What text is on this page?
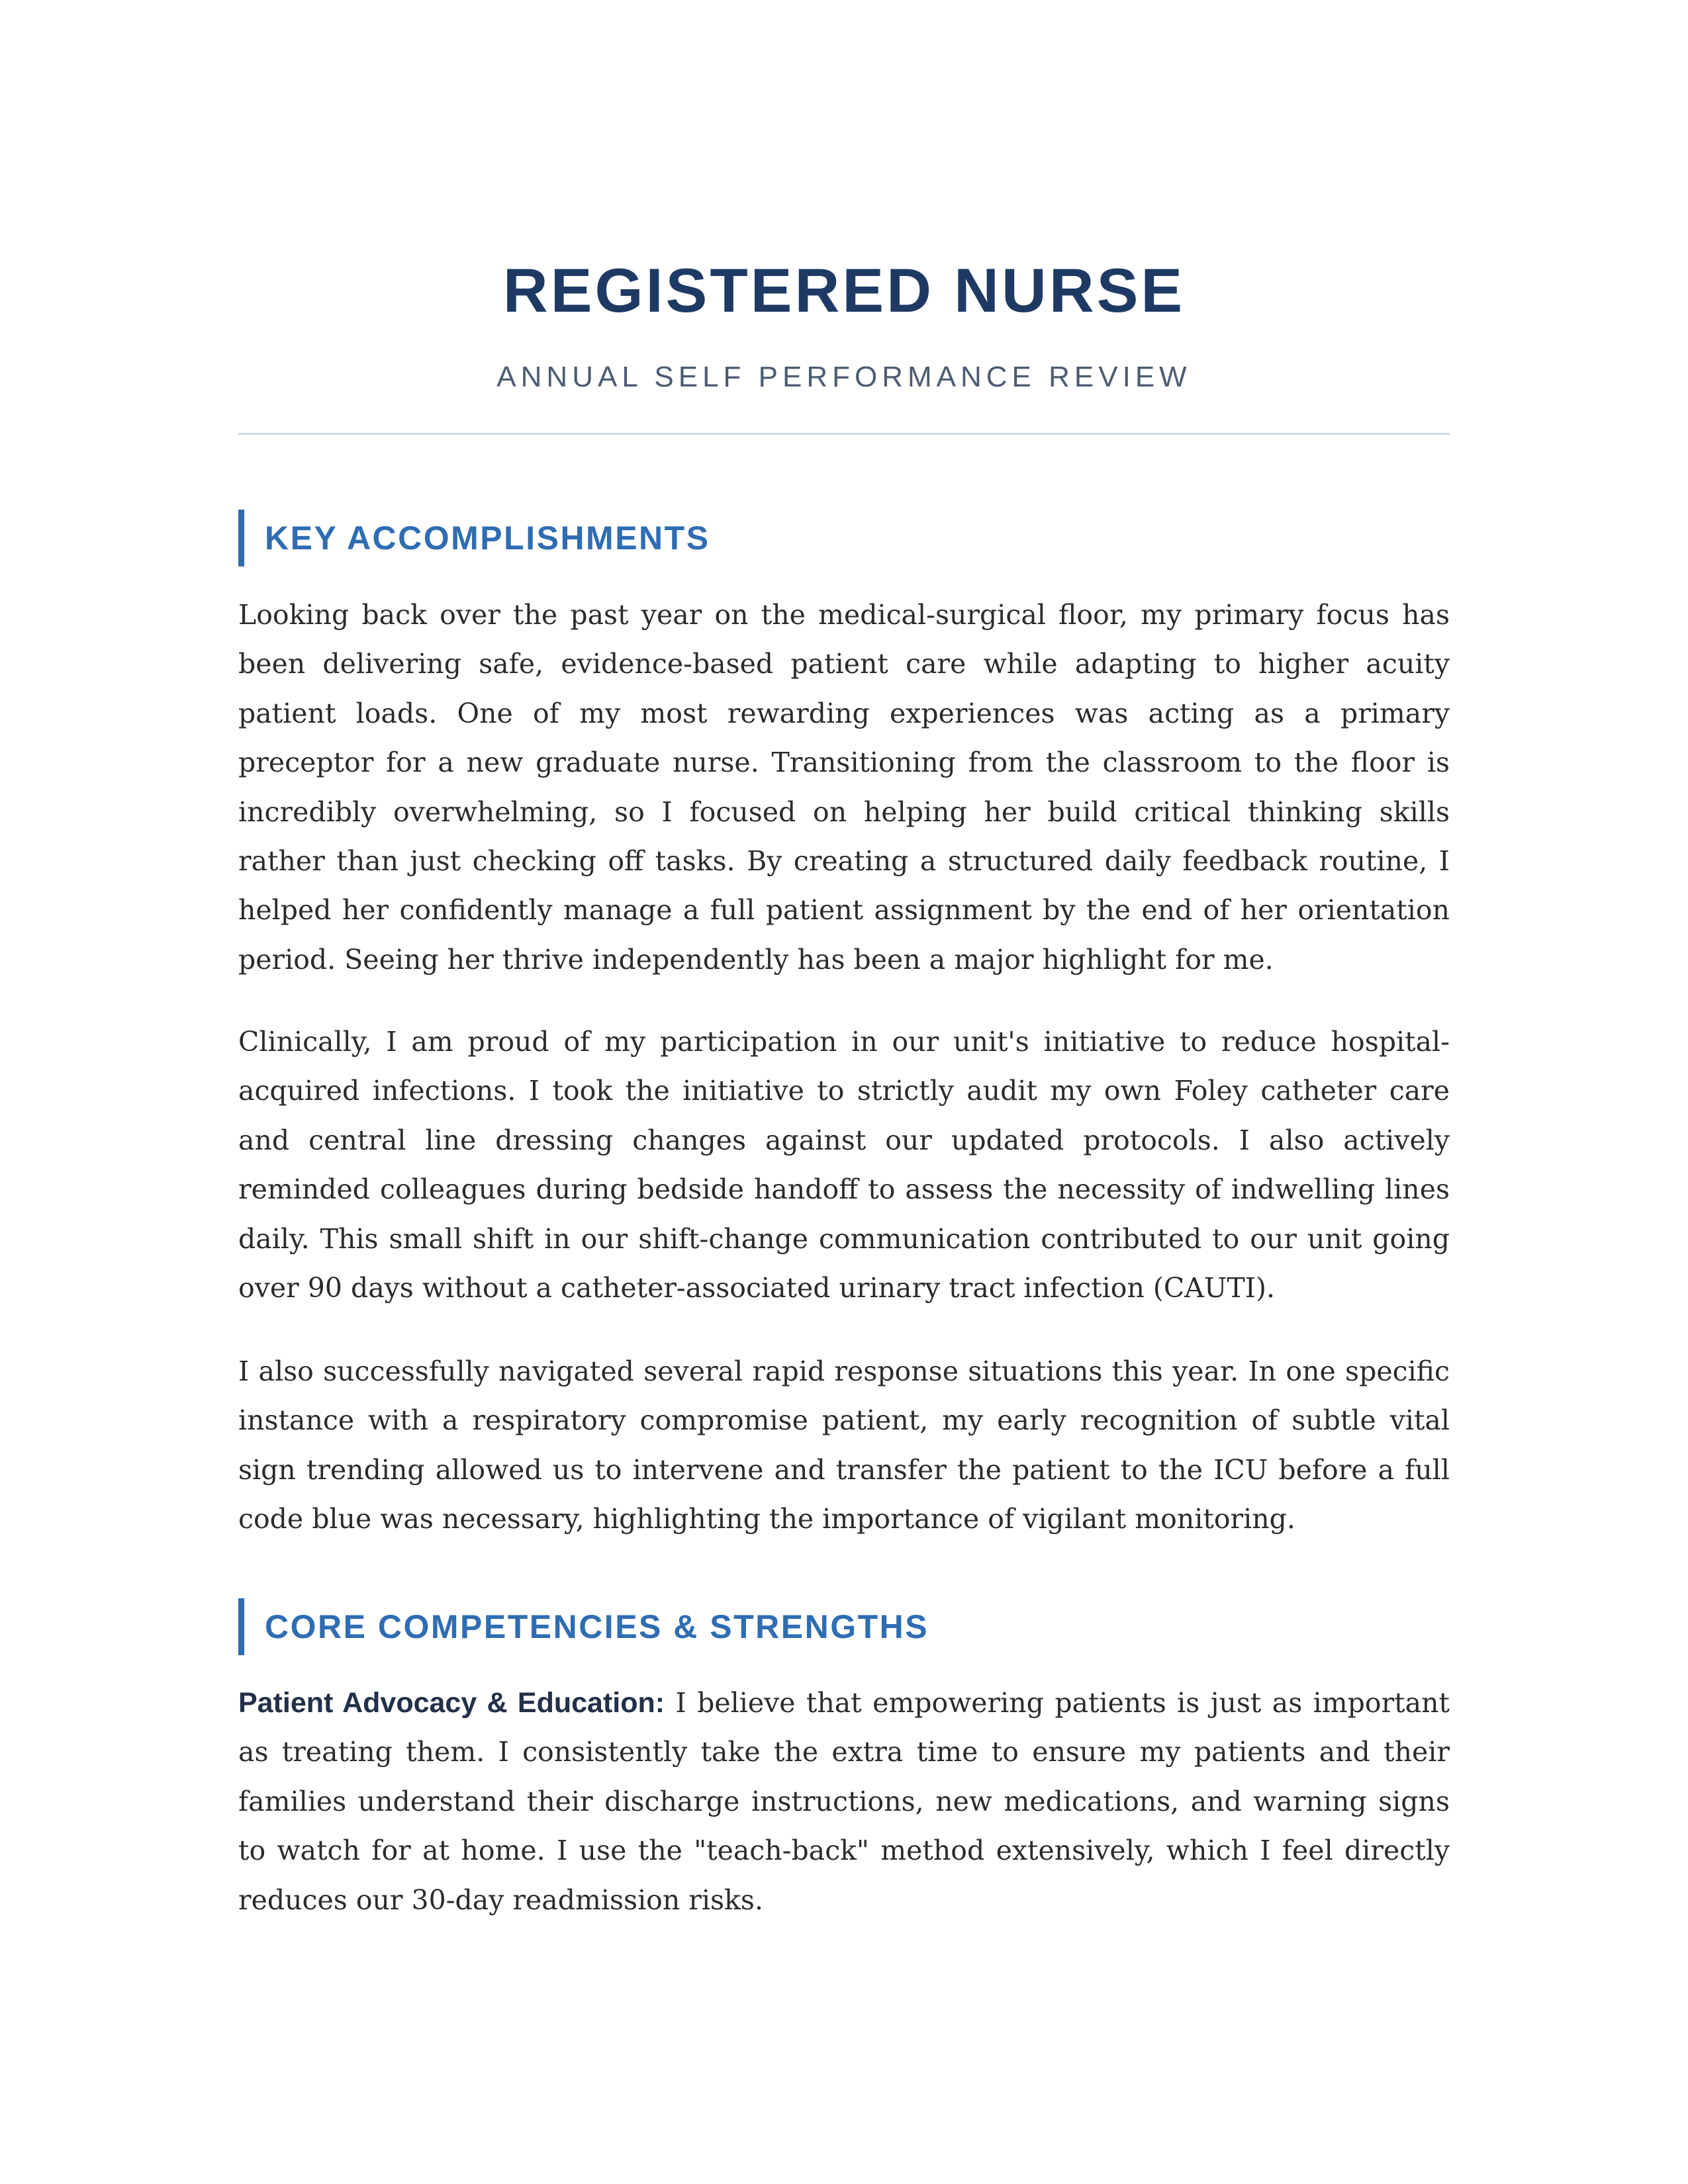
REGISTERED NURSE
ANNUAL SELF PERFORMANCE REVIEW
KEY ACCOMPLISHMENTS

Looking back over the past year on the medical-surgical floor, my primary focus has been delivering safe, evidence-based patient care while adapting to higher acuity patient loads. One of my most rewarding experiences was acting as a primary preceptor for a new graduate nurse. Transitioning from the classroom to the floor is incredibly overwhelming, so I focused on helping her build critical thinking skills rather than just checking off tasks. By creating a structured daily feedback routine, I helped her confidently manage a full patient assignment by the end of her orientation period. Seeing her thrive independently has been a major highlight for me.

Clinically, I am proud of my participation in our unit's initiative to reduce hospital-acquired infections. I took the initiative to strictly audit my own Foley catheter care and central line dressing changes against our updated protocols. I also actively reminded colleagues during bedside handoff to assess the necessity of indwelling lines daily. This small shift in our shift-change communication contributed to our unit going over 90 days without a catheter-associated urinary tract infection (CAUTI).

I also successfully navigated several rapid response situations this year. In one specific instance with a respiratory compromise patient, my early recognition of subtle vital sign trending allowed us to intervene and transfer the patient to the ICU before a full code blue was necessary, highlighting the importance of vigilant monitoring.

CORE COMPETENCIES & STRENGTHS

Patient Advocacy & Education: I believe that empowering patients is just as important as treating them. I consistently take the extra time to ensure my patients and their families understand their discharge instructions, new medications, and warning signs to watch for at home. I use the "teach-back" method extensively, which I feel directly reduces our 30-day readmission risks.
